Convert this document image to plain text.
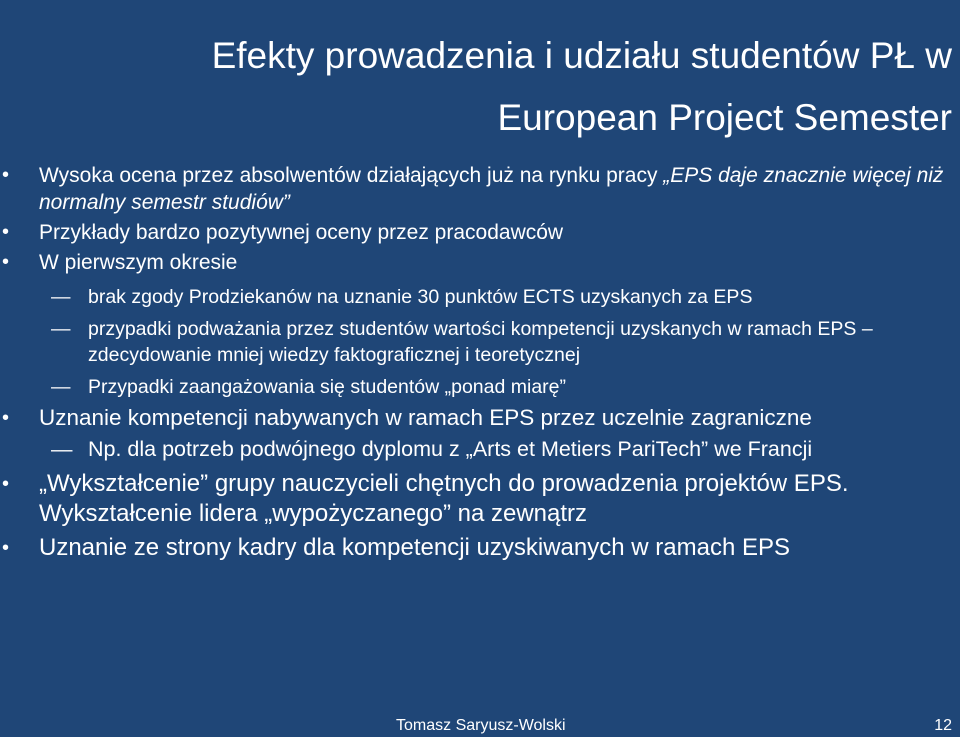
Efekty prowadzenia i udziału studentów PŁ w
European Project Semester
• Wysoka ocena przez absolwentów działających już na rynku pracy „EPS daje znacznie więcej niż normalny semestr studiów”
• Przykłady bardzo pozytywnej oceny przez pracodawców
• W pierwszym okresie
— brak zgody Prodziekanów na uznanie 30 punktów ECTS uzyskanych za EPS
— przypadki podważania przez studentów wartości kompetencji uzyskanych w ramach EPS – zdecydowanie mniej wiedzy faktograficznej i teoretycznej
— Przypadki zaangażowania się studentów „ponad miarę”
• Uznanie kompetencji nabywanych w ramach EPS przez uczelnie zagraniczne
— Np. dla potrzeb podwójnego dyplomu z „Arts et Metiers PariTech” we Francji
• „Wykształcenie” grupy nauczycieli chętnych do prowadzenia projektów EPS. Wykształcenie lidera „wypożyczanego” na zewnątrz
• Uznanie ze strony kadry dla kompetencji uzyskiwanych w ramach EPS
Tomasz Saryusz-Wolski	12
